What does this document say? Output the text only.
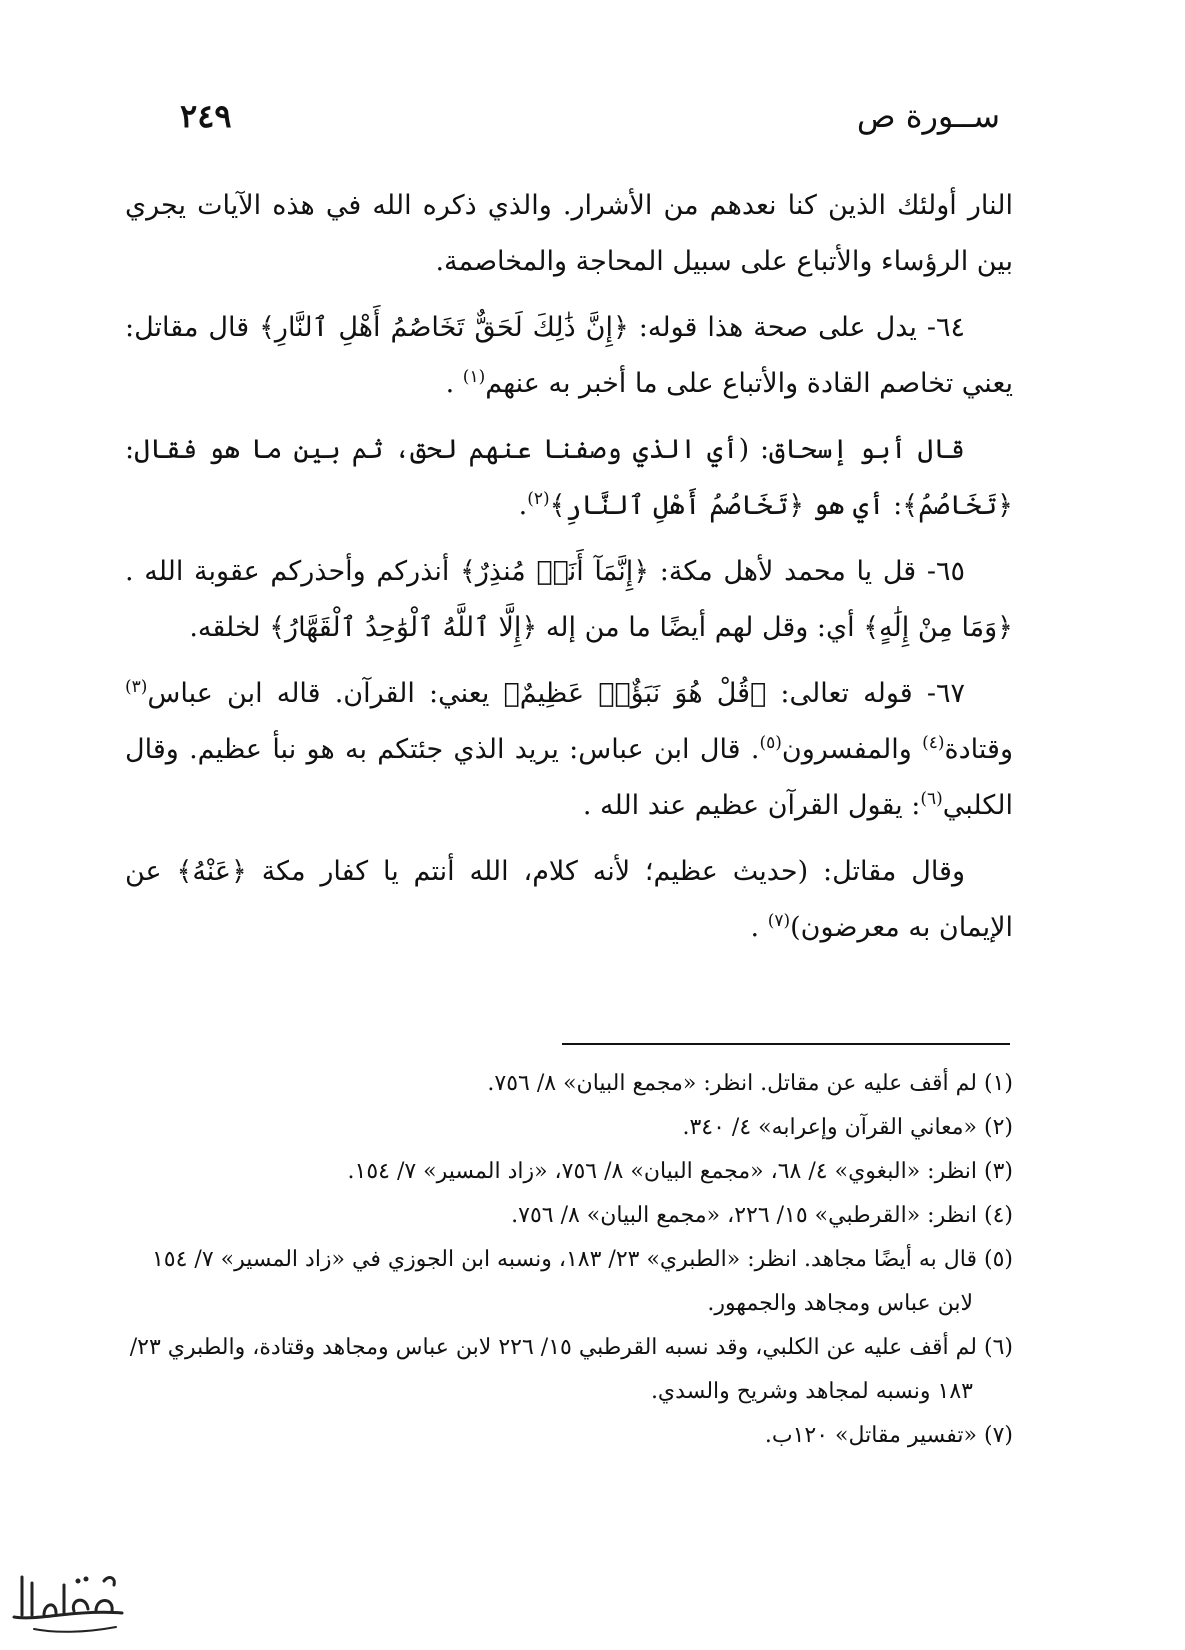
ســورة ص
٢٤٩

النار أولئك الذين كنا نعدهم من الأشرار. والذي ذكره الله في هذه الآيات يجري بين الرؤساء والأتباع على سبيل المحاجة والمخاصمة.

٦٤- يدل على صحة هذا قوله: ﴿إِنَّ ذَٰلِكَ لَحَقٌّ تَخَاصُمُ أَهْلِ ٱلنَّارِ﴾ قال مقاتل: يعني تخاصم القادة والأتباع على ما أخبر به عنهم$^{(١)}$ .

قال أبو إسحاق: (أي الذي وصفنا عنهم لحق، ثم بين ما هو فقال: ﴿تَخَاصُمُ﴾: أي هو ﴿تَخَاصُمُ أَهْلِ ٱلنَّارِ﴾$^{(٢)}$.

٦٥- قل يا محمد لأهل مكة: ﴿إِنَّمَآ أَنَا۠ مُنذِرٌ﴾ أنذركم وأحذركم عقوبة الله .﴿وَمَا مِنْ إِلَٰهٍ﴾ أي: وقل لهم أيضًا ما من إله ﴿إِلَّا ٱللَّهُ ٱلْوَٰحِدُ ٱلْقَهَّارُ﴾ لخلقه.

٦٧- قوله تعالى: ﴿قُلْ هُوَ نَبَؤٌا۟ عَظِيمٌ﴾ يعني: القرآن. قاله ابن عباس$^{(٣)}$ وقتادة$^{(٤)}$ والمفسرون$^{(٥)}$. قال ابن عباس: يريد الذي جئتكم به هو نبأ عظيم. وقال الكلبي$^{(٦)}$: يقول القرآن عظيم عند الله .

وقال مقاتل: (حديث عظيم؛ لأنه كلام، الله أنتم يا كفار مكة ﴿عَنْهُ﴾ عن الإيمان به معرضون)$^{(٧)}$ .

(١) لم أقف عليه عن مقاتل. انظر: «مجمع البيان» ٨/ ٧٥٦.

(٢) «معاني القرآن وإعرابه» ٤/ ٣٤٠.

(٣) انظر: «البغوي» ٤/ ٦٨، «مجمع البيان» ٨/ ٧٥٦، «زاد المسير» ٧/ ١٥٤.

(٤) انظر: «القرطبي» ١٥/ ٢٢٦، «مجمع البيان» ٨/ ٧٥٦.

(٥) قال به أيضًا مجاهد. انظر: «الطبري» ٢٣/ ١٨٣، ونسبه ابن الجوزي في «زاد المسير» ٧/ ١٥٤ لابن عباس ومجاهد والجمهور.

(٦) لم أقف عليه عن الكلبي، وقد نسبه القرطبي ١٥/ ٢٢٦ لابن عباس ومجاهد وقتادة، والطبري ٢٣/ ١٨٣ ونسبه لمجاهد وشريح والسدي.

(٧) «تفسير مقاتل» ١٢٠ب.
